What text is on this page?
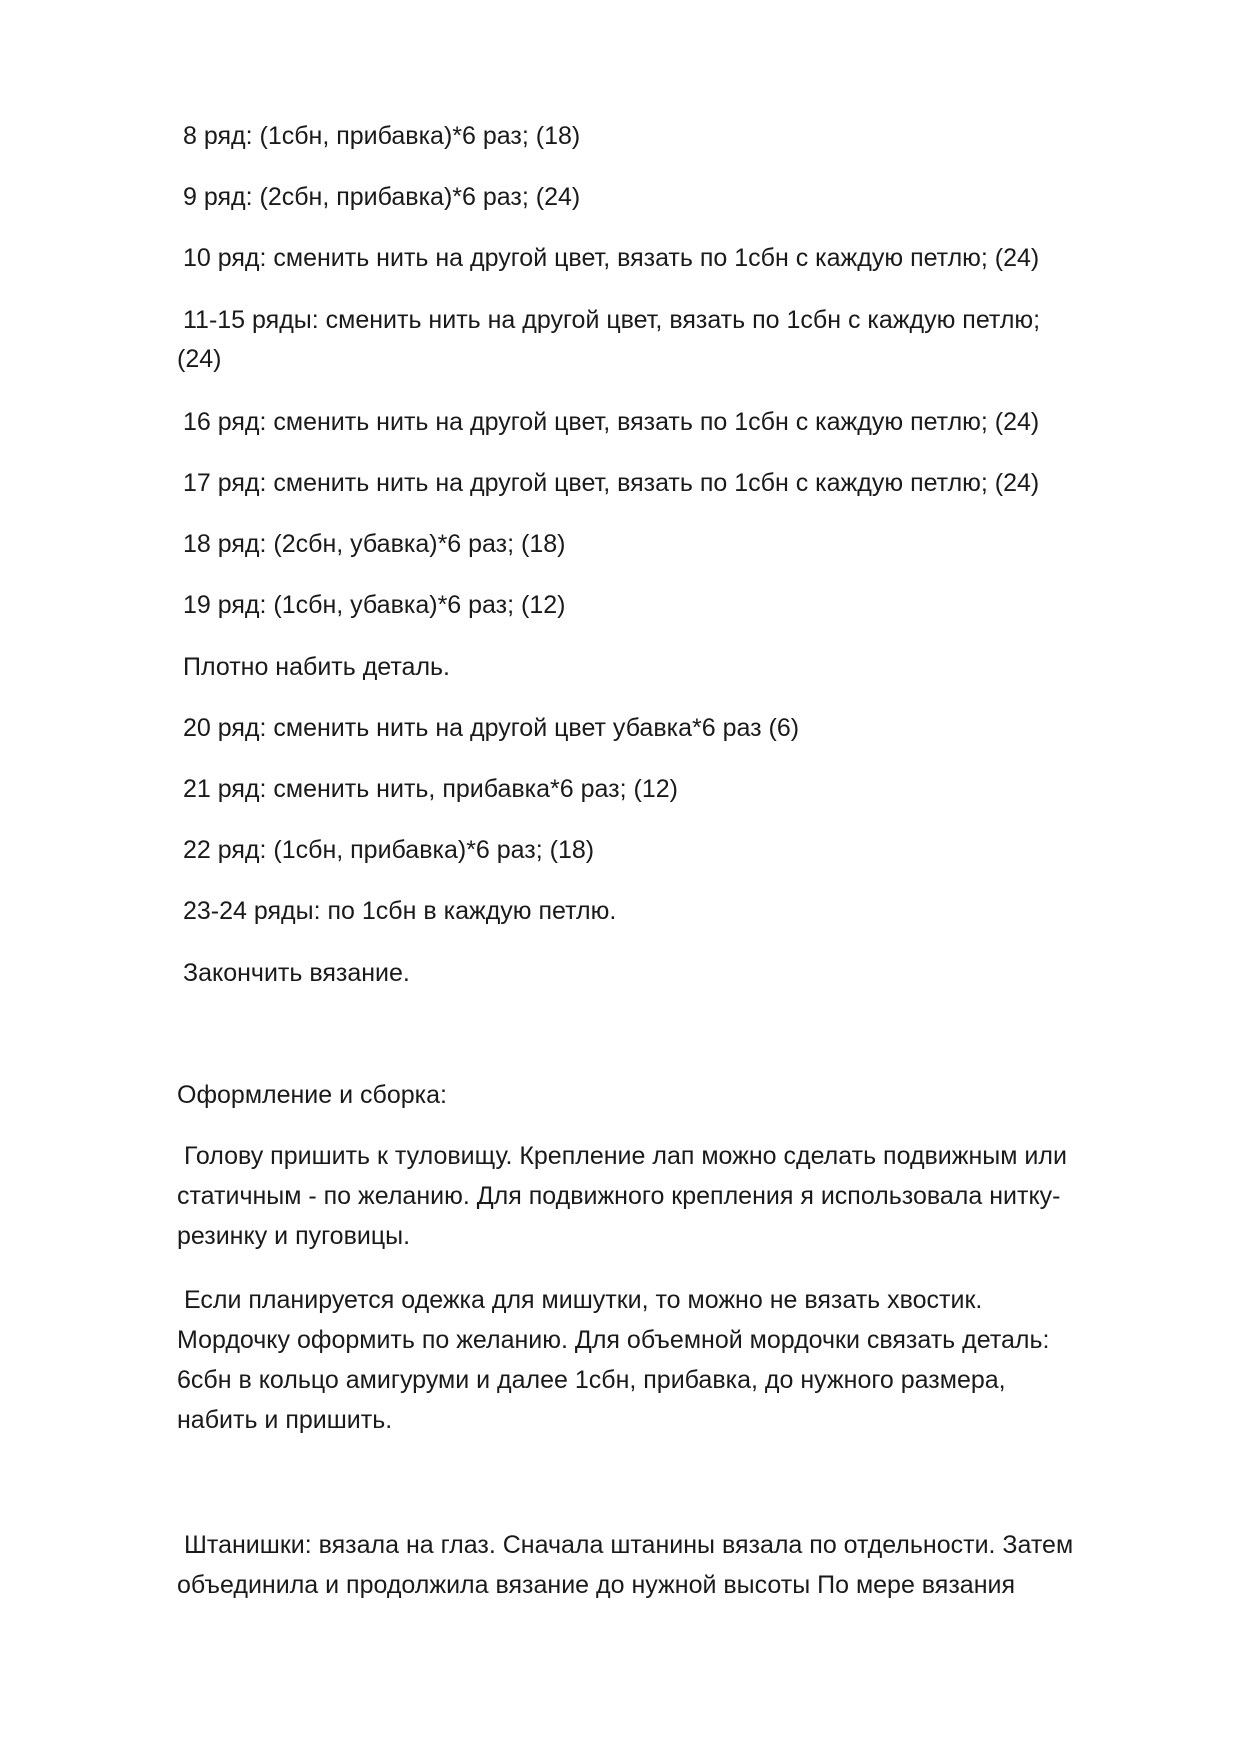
8 ряд: (1сбн, прибавка)*6 раз; (18)
9 ряд: (2сбн, прибавка)*6 раз; (24)
10 ряд: сменить нить на другой цвет, вязать по 1сбн с каждую петлю; (24)
11-15 ряды: сменить нить на другой цвет, вязать по 1сбн с каждую петлю;
(24)
16 ряд: сменить нить на другой цвет, вязать по 1сбн с каждую петлю; (24)
17 ряд: сменить нить на другой цвет, вязать по 1сбн с каждую петлю; (24)
18 ряд: (2сбн, убавка)*6 раз; (18)
19 ряд: (1сбн, убавка)*6 раз; (12)
Плотно набить деталь.
20 ряд: сменить нить на другой цвет убавка*6 раз (6)
21 ряд: сменить нить, прибавка*6 раз; (12)
22 ряд: (1сбн, прибавка)*6 раз; (18)
23-24 ряды: по 1сбн в каждую петлю.
Закончить вязание.
Оформление и сборка:
Голову пришить к туловищу. Крепление лап можно сделать подвижным или
статичным - по желанию. Для подвижного крепления я использовала нитку-
резинку и пуговицы.
Если планируется одежка для мишутки, то можно не вязать хвостик.
Мордочку оформить по желанию. Для объемной мордочки связать деталь:
6сбн в кольцо амигуруми и далее 1сбн, прибавка, до нужного размера,
набить и пришить.
Штанишки: вязала на глаз. Сначала штанины вязала по отдельности. Затем
объединила и продолжила вязание до нужной высоты По мере вязания
